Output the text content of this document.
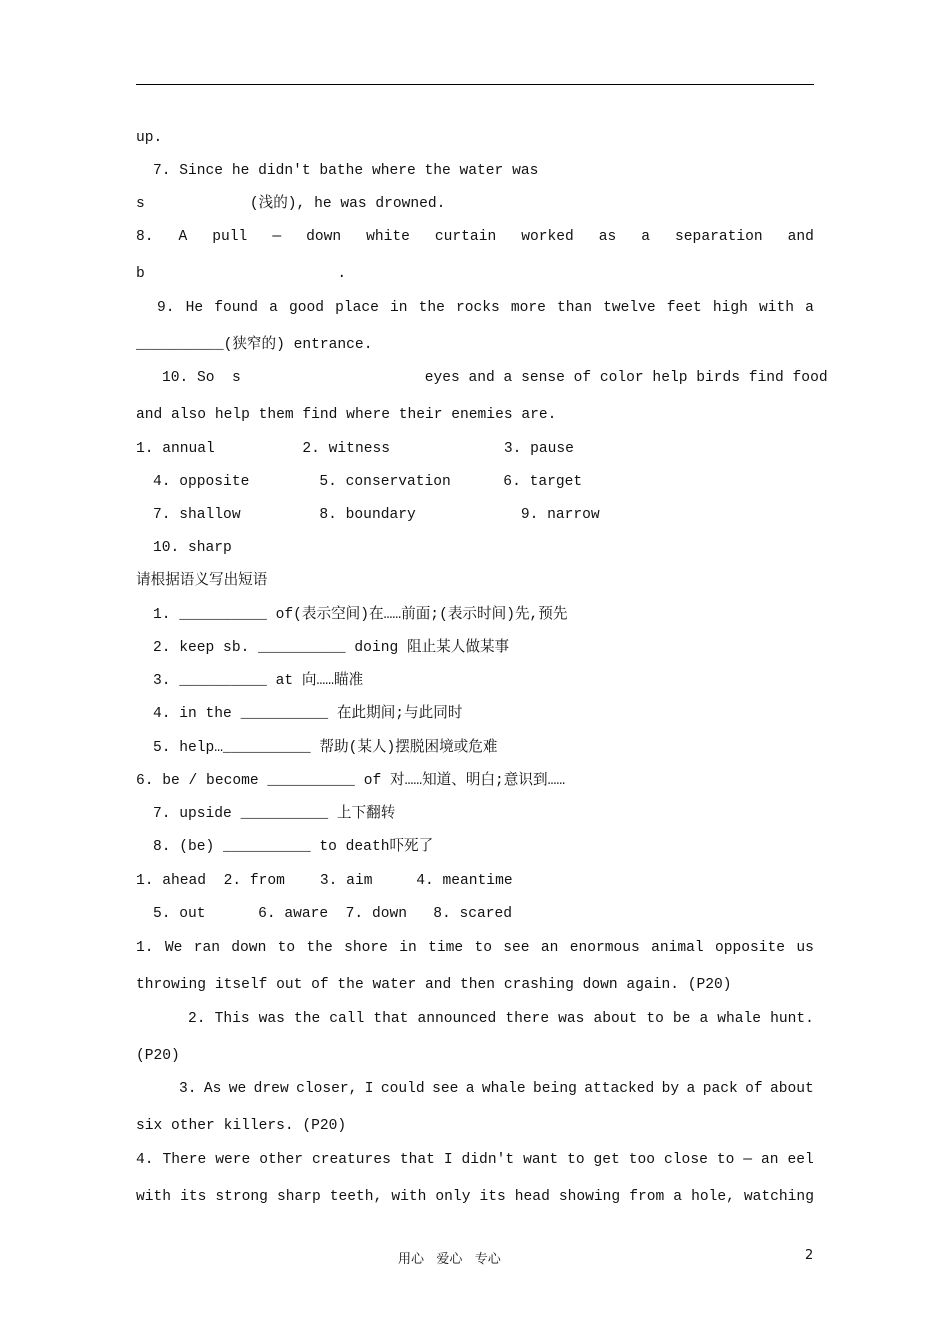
up.
7. Since he didn't bathe where the water was
s            (浅的), he was drowned.
8. A pull — down white curtain worked as a separation and
b                      .
9. He found a good place in the rocks more than twelve feet high with a
__________(狭窄的) entrance.
10. So  s                     eyes and a sense of color help birds find food
and also help them find where their enemies are.
1. annual          2. witness             3. pause
4. opposite        5. conservation      6. target
7. shallow         8. boundary            9. narrow
10. sharp
请根据语义写出短语
1. __________ of(表示空间)在……前面;(表示时间)先,预先
2. keep sb. __________ doing 阻止某人做某事
3. __________ at 向……瞄准
4. in the __________ 在此期间;与此同时
5. help…__________ 帮助(某人)摆脱困境或危难
6. be / become __________ of 对……知道、明白;意识到……
7. upside __________ 上下翻转
8. (be) __________ to death吓死了
1. ahead  2. from    3. aim     4. meantime
5. out      6. aware  7. down   8. scared
1. We ran down to the shore in time to see an enormous animal opposite us
throwing itself out of the water and then crashing down again. (P20)
2. This was the call that announced there was about to be a whale hunt.
(P20)
3. As we drew closer, I could see a whale being attacked by a pack of about
six other killers. (P20)
4. There were other creatures that I didn't want to get too close to — an eel
with its strong sharp teeth, with only its head showing from a hole, watching
用心   爱心   专心	2
